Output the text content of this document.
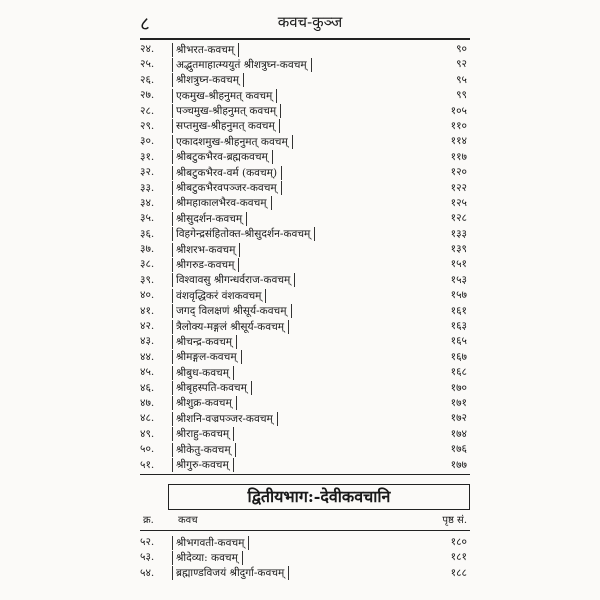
८	कवच-कुञ्ज
२४.	श्रीभरत-कवचम्	९०
२५.	अद्भुतमाहात्म्ययुतं श्रीशत्रुघ्न-कवचम्	९२
२६.	श्रीशत्रुघ्न-कवचम्	९५
२७.	एकमुख-श्रीहनुमत् कवचम्	९९
२८.	पञ्चमुख-श्रीहनुमत् कवचम्	१०५
२९.	सप्तमुख-श्रीहनुमत् कवचम्	११०
३०.	एकादशमुख-श्रीहनुमत् कवचम्	११४
३१.	श्रीबटुकभैरव-ब्रह्मकवचम्	११७
३२.	श्रीबटुकभैरव-वर्म (कवचम्)	१२०
३३.	श्रीबटुकभैरवपञ्जर-कवचम्	१२२
३४.	श्रीमहाकालभैरव-कवचम्	१२५
३५.	श्रीसुदर्शन-कवचम्	१२८
३६.	विहगेन्द्रसंहितोक्त-श्रीसुदर्शन-कवचम्	१३३
३७.	श्रीशरभ-कवचम्	१३९
३८.	श्रीगरुड-कवचम्	१५१
३९.	विश्वावसु श्रीगन्धर्वराज-कवचम्	१५३
४०.	वंशवृद्धिकरं वंशकवचम्	१५७
४१.	जगद् विलक्षणं श्रीसूर्य-कवचम्	१६१
४२.	त्रैलोक्य-मङ्गलं श्रीसूर्य-कवचम्	१६३
४३.	श्रीचन्द्र-कवचम्	१६५
४४.	श्रीमङ्गल-कवचम्	१६७
४५.	श्रीबुध-कवचम्	१६८
४६.	श्रीबृहस्पति-कवचम्	१७०
४७.	श्रीशुक्र-कवचम्	१७१
४८.	श्रीशनि-वज्रपञ्जर-कवचम्	१७२
४९.	श्रीराहु-कवचम्	१७४
५०.	श्रीकेतु-कवचम्	१७६
५१.	श्रीगुरु-कवचम्	१७७
द्वितीयभाग:-देवीकवचानि
क्र. कवच	पृष्ठ सं.
५२.	श्रीभगवती-कवचम्	१८०
५३.	श्रीदेव्या: कवचम्	१८१
५४.	ब्रह्माण्डविजयं श्रीदुर्गा-कवचम्	१८८
